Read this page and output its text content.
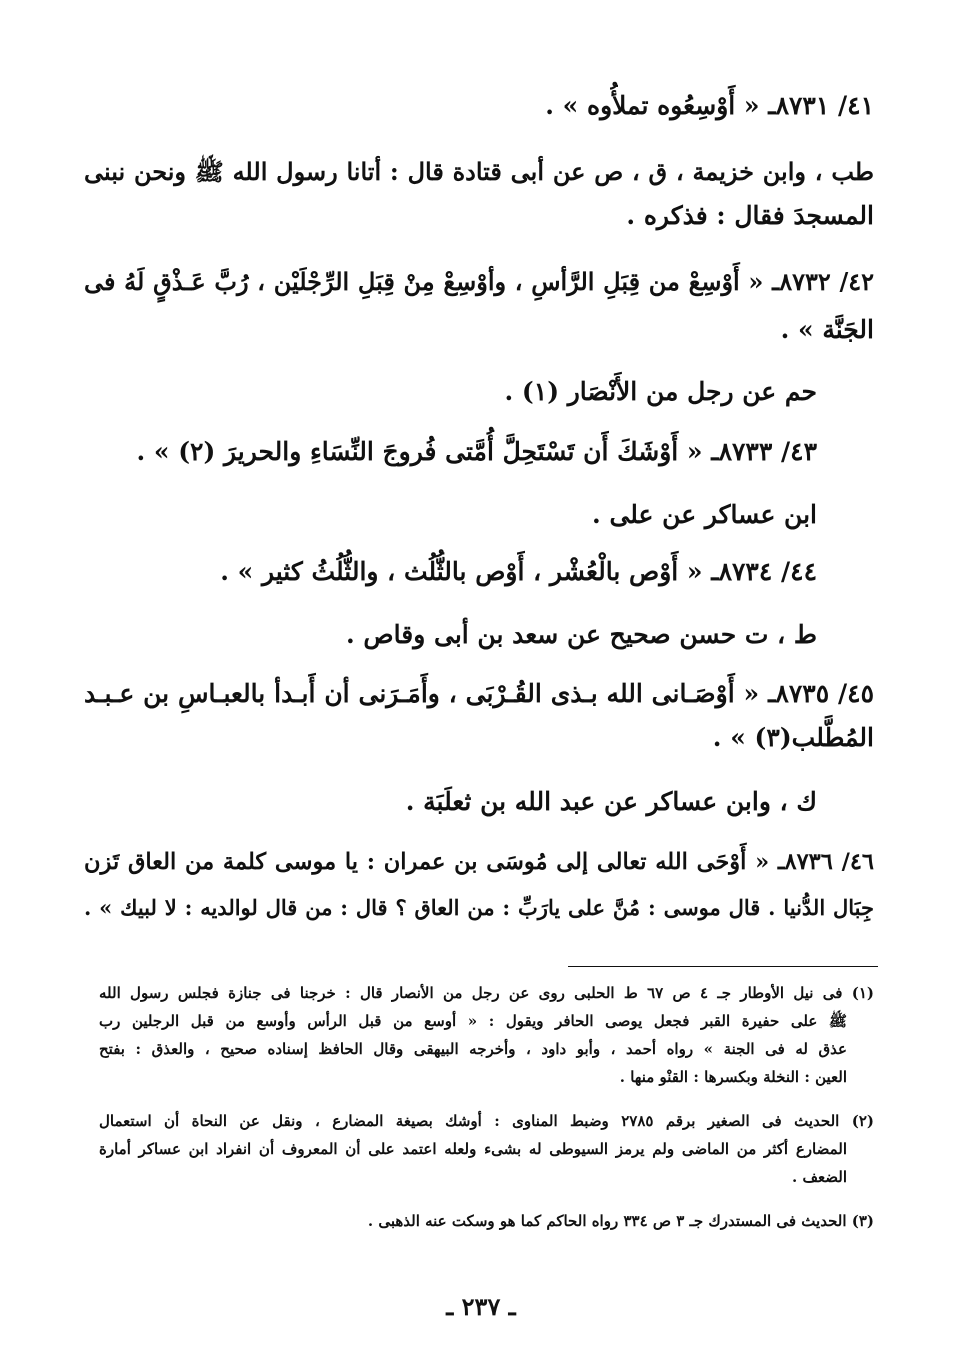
٤١/ ٨٧٣١ـ « أَوْسِعُوه تملأُوه » .
طب ، وابن خزيمة ، ق ، ص عن أبى قتادة قال : أتانا رسول الله ﷺ ونحن نبنى
المسجدَ فقال : فذكره .
٤٢/ ٨٧٣٢ـ « أَوْسِعْ من قِبَلِ الرَّأسِ ، وأوْسِعْ مِنْ قِبَلِ الرِّجْلَيْن ، رُبَّ عَـذْقٍ لَهُ فى
الجَنَّة » .
حم عن رجل من الأَنْصَار (١) .
٤٣/ ٨٧٣٣ـ « أَوْشَكَ أَن تَسْتَحِلَّ أُمَّتى فُروجَ النِّسَاءِ والحريرَ (٢) » .
ابن عساكر عن على .
٤٤/ ٨٧٣٤ـ « أَوْص بالْعُشْر ، أَوْص بالثُّلُث ، والثُّلُثُ كثير » .
ط ، ت حسن صحيح عن سعد بن أبى وقاص .
٤٥/ ٨٧٣٥ـ « أَوْصَـانى الله بـذى القُـرْبَى ، وأَمَـرَنى أن أَبـدأ بالعبـاسِ بن عـبـد
المُطَّلب(٣) » .
ك ، وابن عساكر عن عبد الله بن ثعلَبَة .
٤٦/ ٨٧٣٦ـ « أَوْحَى الله تعالى إلى مُوسَى بن عمران : يا موسى كلمة من العاق تَزن
جِبَال الدُّنيا . قال موسى : مُنَّ على يارَبِّ : من العاق ؟ قال : من قال لوالديه : لا لبيك » .
(١) فى نيل الأوطار جـ ٤ ص ٦٧ ط الحلبى روى عن رجل من الأنصار قال : خرجنا فى جنازة فجلس رسول الله
ﷺ على حفيرة القبر فجعل يوصى الحافر ويقول : « أوسع من قبل الرأس وأوسع من قبل الرجلين رب
عذق له فى الجنة » رواه أحمد ، وأبو داود ، وأخرجه البيهقى وقال الحافظ إسناده صحيح ، والعذق : بفتح
العين : النخلة وبكسرها : القنْو منها .
(٢) الحديث فى الصغير برقم ٢٧٨٥ وضبط المناوى : أوشك بصيغة المضارع ، ونقل عن النحاة أن استعمال
المضارع أكثر من الماضى ولم يرمز السيوطى له بشىء ولعله اعتمد على أن المعروف أن انفراد ابن عساكر أمارة
الضعف .
(٣) الحديث فى المستدرك جـ ٣ ص ٣٣٤ رواه الحاكم كما هو وسكت عنه الذهبى .
ـ ٢٣٧ ـ
